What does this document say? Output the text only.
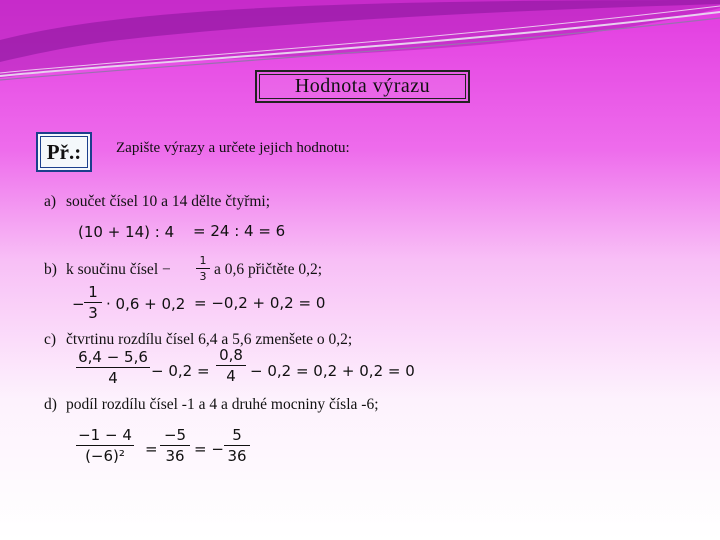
Hodnota výrazu
Př.: Zapište výrazy a určete jejich hodnotu:
a) součet čísel 10 a 14 dělte čtyřmi;
(10 + 14) : 4 = 24 : 4 = 6
b) k součinu čísel −
1
3 a 0,6 přičtěte 0,2;
−
1
3 · 0,6 + 0,2 = −0,2 + 0,2 = 0
c) čtvrtinu rozdílu čísel 6,4 a 5,6 zmenšete o 0,2;
6,4 − 5,6
4	− 0,2 =
0,8
4 − 0,2 = 0,2 + 0,2 = 0
d) podíl rozdílu čísel -1 a 4 a druhé mocniny čísla -6;
−1 − 4
(−6)²	=
−5
36 = −
5
36
